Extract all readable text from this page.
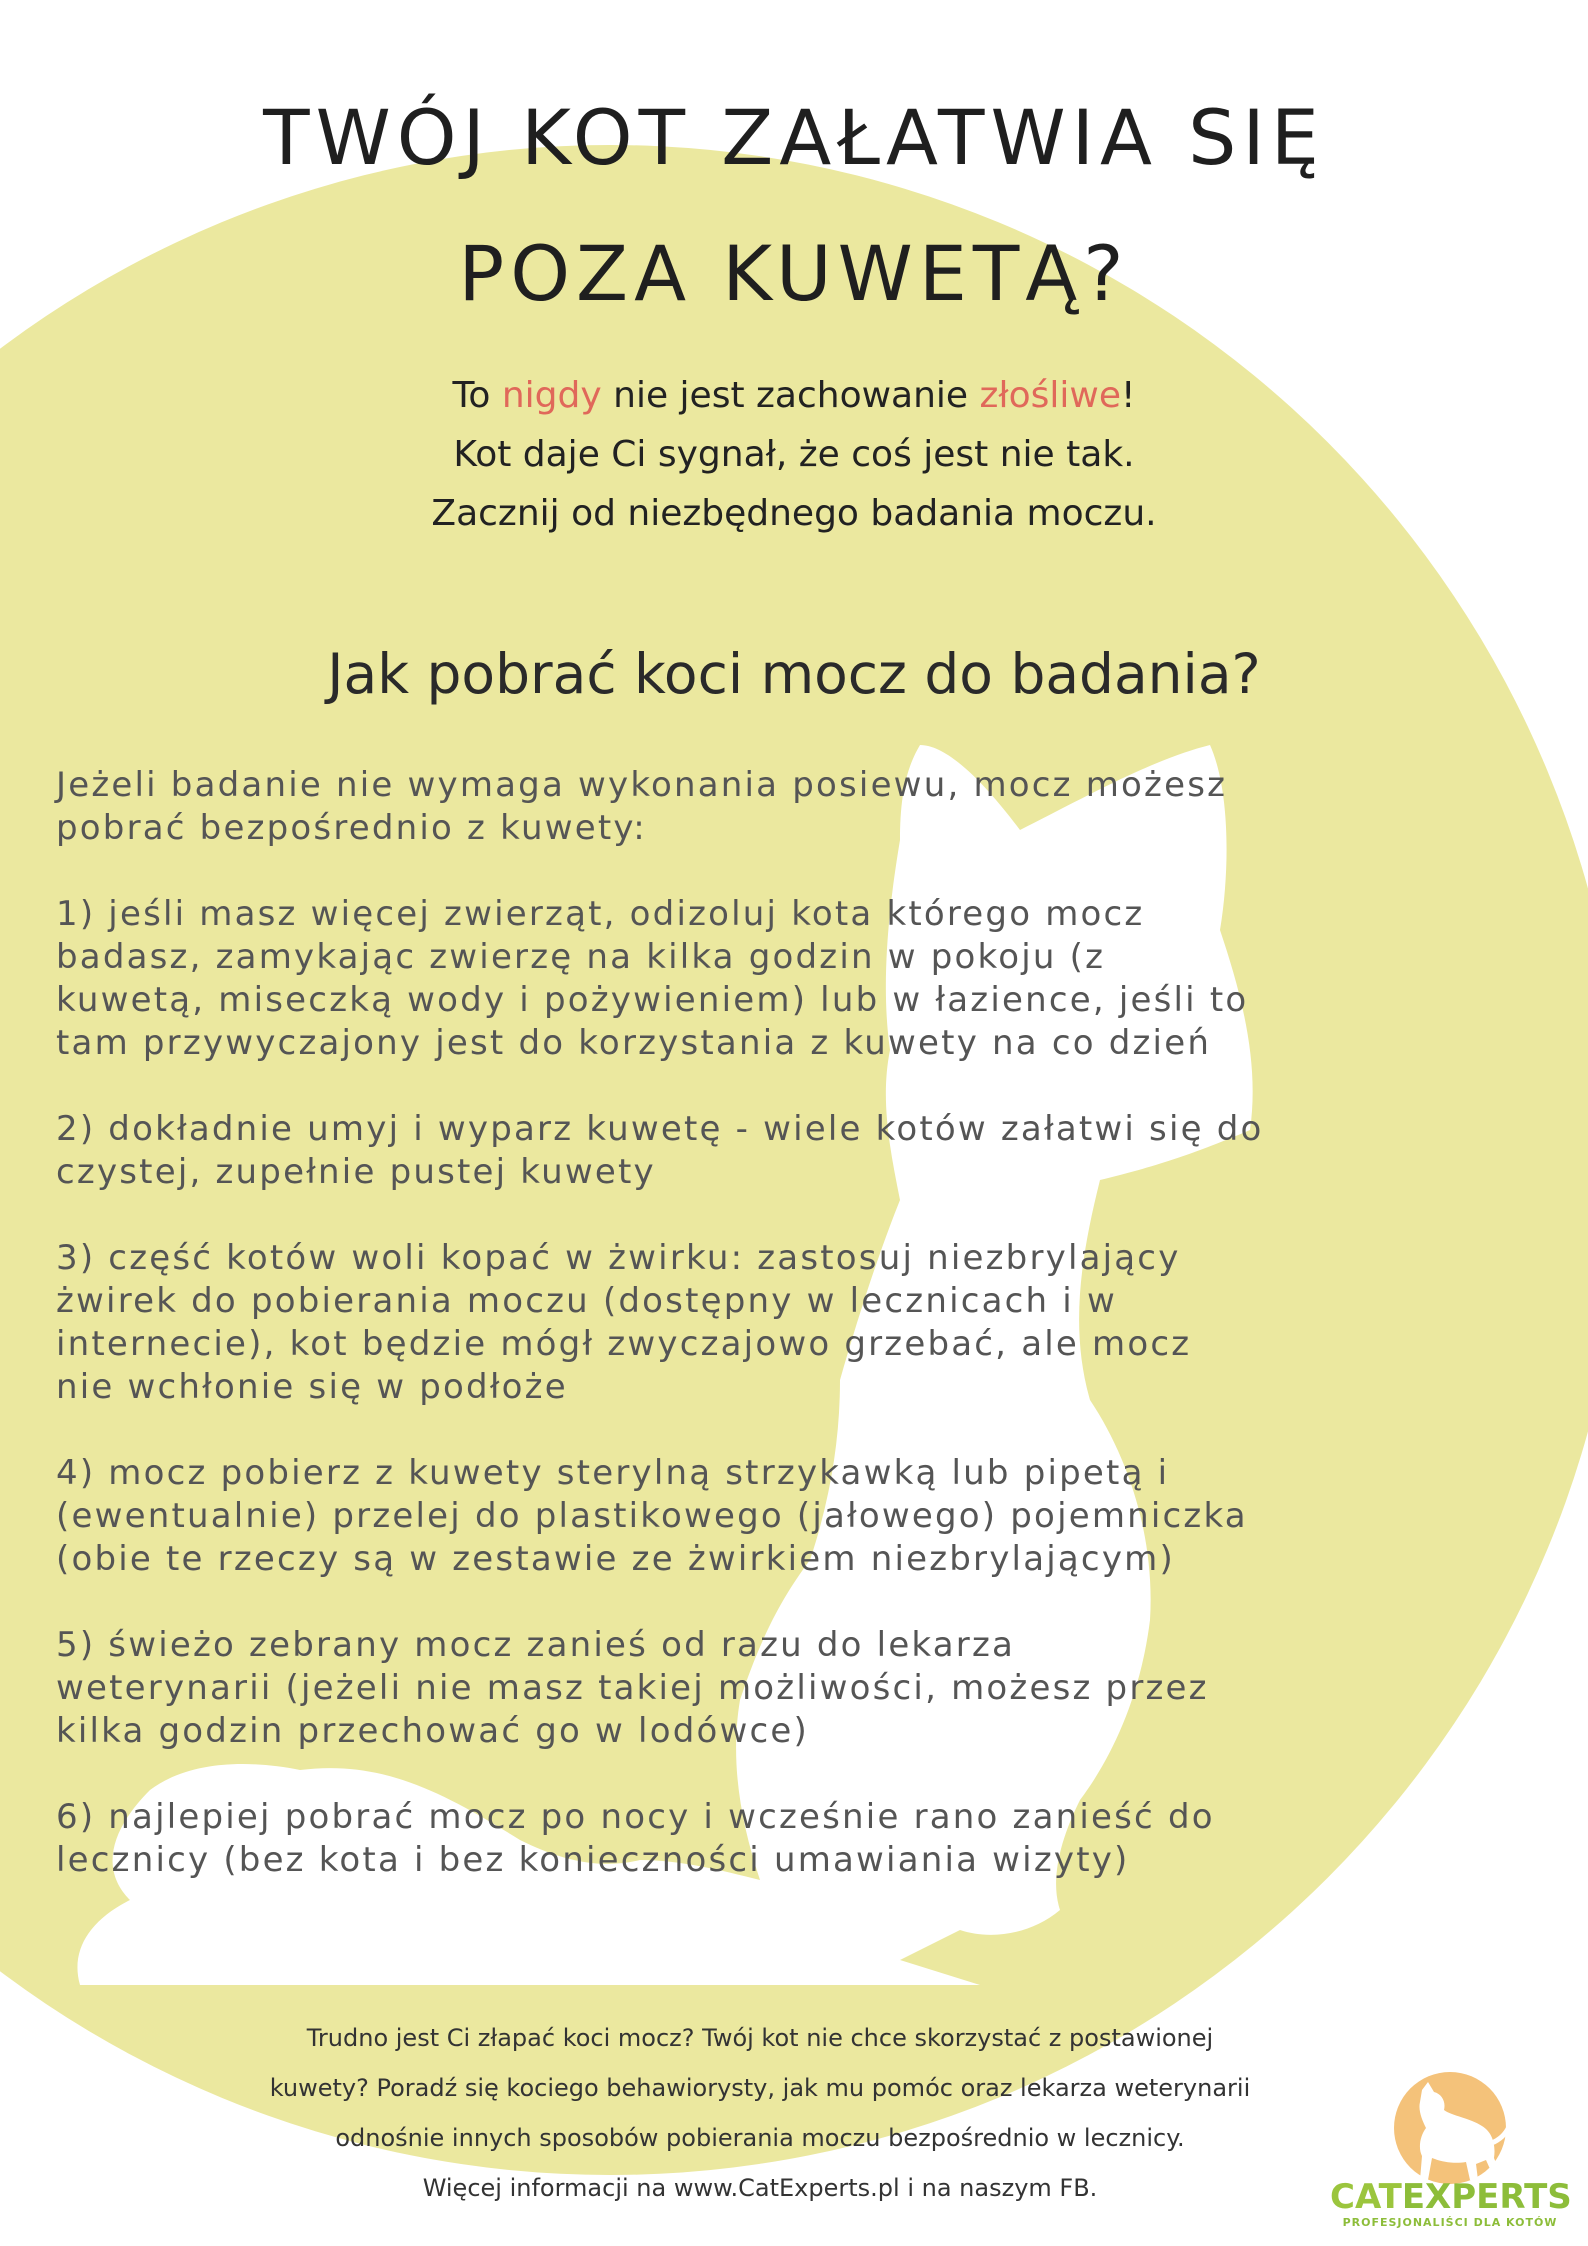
TWÓJ KOT ZAŁATWIA SIĘ
POZA KUWETĄ?
To nigdy nie jest zachowanie złośliwe!
Kot daje Ci sygnał, że coś jest nie tak.
Zacznij od niezbędnego badania moczu.
Jak pobrać koci mocz do badania?

Jeżeli badanie nie wymaga wykonania posiewu, mocz możesz
pobrać bezpośrednio z kuwety:

1) jeśli masz więcej zwierząt, odizoluj kota którego mocz
badasz, zamykając zwierzę na kilka godzin w pokoju (z
kuwetą, miseczką wody i pożywieniem) lub w łazience, jeśli to
tam przywyczajony jest do korzystania z kuwety na co dzień

2) dokładnie umyj i wyparz kuwetę - wiele kotów załatwi się do
czystej, zupełnie pustej kuwety

3) część kotów woli kopać w żwirku: zastosuj niezbrylający
żwirek do pobierania moczu (dostępny w lecznicach i w
internecie), kot będzie mógł zwyczajowo grzebać, ale mocz
nie wchłonie się w podłoże

4) mocz pobierz z kuwety sterylną strzykawką lub pipetą i
(ewentualnie) przelej do plastikowego (jałowego) pojemniczka
(obie te rzeczy są w zestawie ze żwirkiem niezbrylającym)

5) świeżo zebrany mocz zanieś od razu do lekarza
weterynarii (jeżeli nie masz takiej możliwości, możesz przez
kilka godzin przechować go w lodówce)

6) najlepiej pobrać mocz po nocy i wcześnie rano zanieść do
lecznicy (bez kota i bez konieczności umawiania wizyty)

Trudno jest Ci złapać koci mocz? Twój kot nie chce skorzystać z postawionej
kuwety? Poradź się kociego behawiorysty, jak mu pomóc oraz lekarza weterynarii
odnośnie innych sposobów pobierania moczu bezpośrednio w lecznicy.
Więcej informacji na www.CatExperts.pl i na naszym FB.	CATEXPERTS
PROFESJONALIŚCI DLA KOTÓW
